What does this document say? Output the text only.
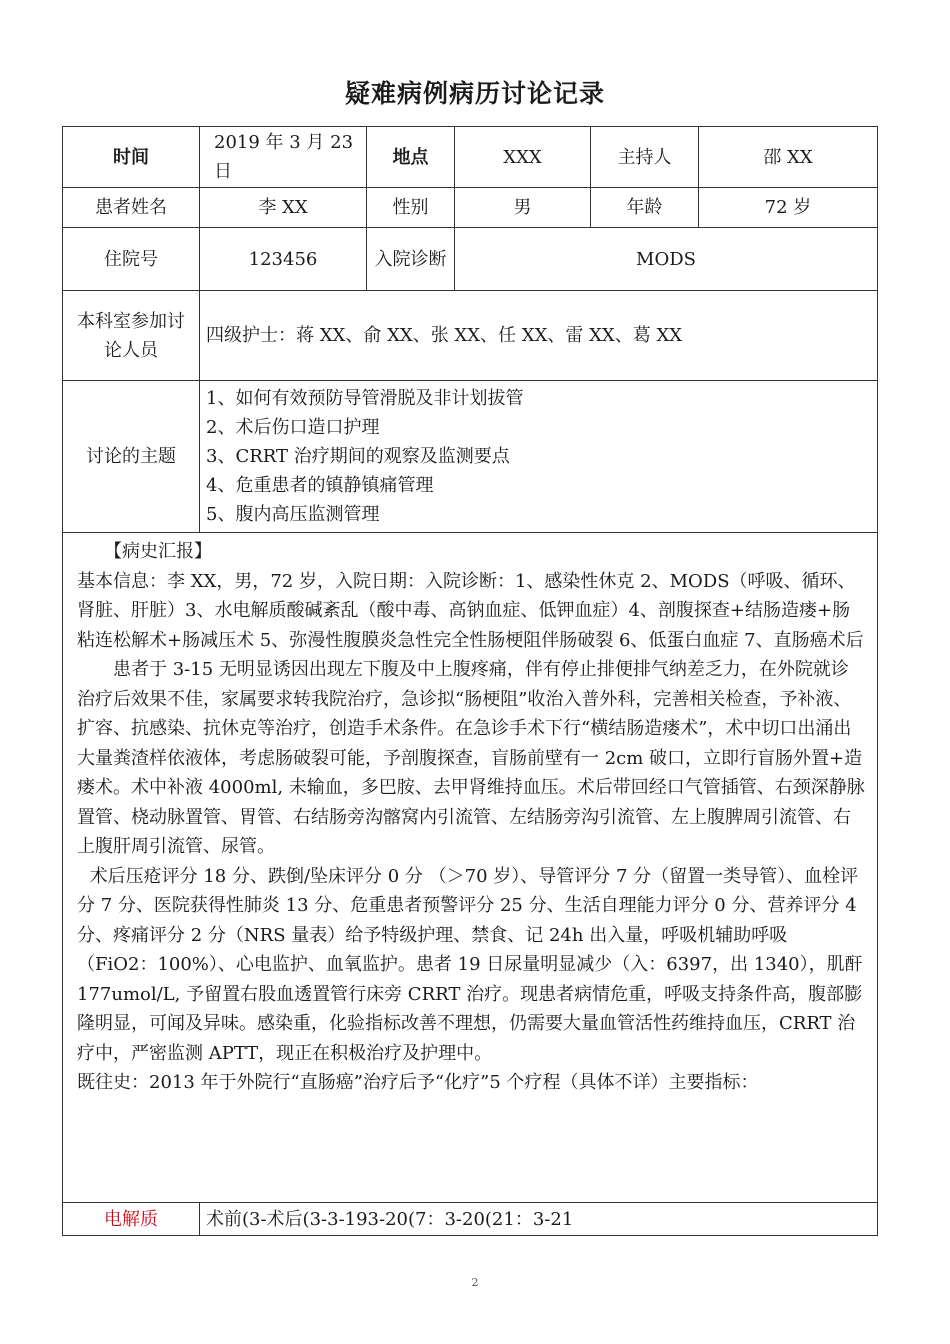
疑难病例病历讨论记录
时间	2019 年 3 月 23 日	地点	XXX	主持人	邵 XX
患者姓名	李 XX	性别	男	年龄	72 岁
住院号	123456	入院诊断	MODS		
本科室参加讨论人员	四级护士：蒋 XX、俞 XX、张 XX、任 XX、雷 XX、葛 XX				
讨论的主题	1、如何有效预防导管滑脱及非计划拔管
2、术后伤口造口护理
3、CRRT 治疗期间的观察及监测要点
4、危重患者的镇静镇痛管理
5、腹内高压监测管理				

【病史汇报】

基本信息：李 XX，男，72 岁，入院日期：入院诊断：1、感染性休克 2、MODS（呼吸、循环、肾脏、肝脏）3、水电解质酸碱紊乱（酸中毒、高钠血症、低钾血症）4、剖腹探查+结肠造瘘+肠粘连松解术+肠减压术 5、弥漫性腹膜炎急性完全性肠梗阻伴肠破裂 6、低蛋白血症 7、直肠癌术后

患者于 3-15 无明显诱因出现左下腹及中上腹疼痛，伴有停止排便排气纳差乏力，在外院就诊治疗后效果不佳，家属要求转我院治疗，急诊拟“肠梗阻”收治入普外科，完善相关检查，予补液、扩容、抗感染、抗休克等治疗，创造手术条件。在急诊手术下行“横结肠造瘘术”，术中切口出涌出大量粪渣样依液体，考虑肠破裂可能，予剖腹探查，盲肠前壁有一 2cm 破口，立即行盲肠外置+造瘘术。术中补液 4000ml, 未输血，多巴胺、去甲肾维持血压。术后带回经口气管插管、右颈深静脉置管、桡动脉置管、胃管、右结肠旁沟髂窝内引流管、左结肠旁沟引流管、左上腹脾周引流管、右上腹肝周引流管、尿管。

术后压疮评分 18 分、跌倒/坠床评分 0 分 （＞70 岁）、导管评分 7 分（留置一类导管）、血栓评分 7 分、医院获得性肺炎 13 分、危重患者预警评分 25 分、生活自理能力评分 0 分、营养评分 4 分、疼痛评分 2 分（NRS 量表）给予特级护理、禁食、记 24h 出入量，呼吸机辅助呼吸（FiO2：100%）、心电监护、血氧监护。患者 19 日尿量明显减少（入：6397，出 1340），肌酐 177umol/L, 予留置右股血透置管行床旁 CRRT 治疗。现患者病情危重，呼吸支持条件高，腹部膨隆明显，可闻及异味。感染重，化验指标改善不理想，仍需要大量血管活性药维持血压，CRRT 治疗中，严密监测 APTT，现正在积极治疗及护理中。

既往史：2013 年于外院行“直肠癌”治疗后予“化疗”5 个疗程（具体不详）主要指标：					

电解质	术前(3-术后(3-3-193-20(7：3-20(21：3-21				
2
